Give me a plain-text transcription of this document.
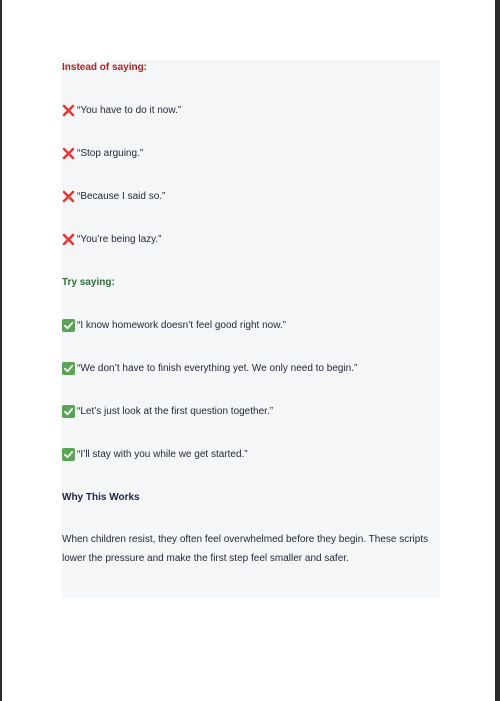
Instead of saying:
“You have to do it now.”
“Stop arguing.”
“Because I said so.”
“You’re being lazy.”
Try saying:
“I know homework doesn’t feel good right now.”
“We don’t have to finish everything yet. We only need to begin.”
“Let’s just look at the first question together.”
“I’ll stay with you while we get started.”
Why This Works
When children resist, they often feel overwhelmed before they begin. These scripts lower the pressure and make the first step feel smaller and safer.
